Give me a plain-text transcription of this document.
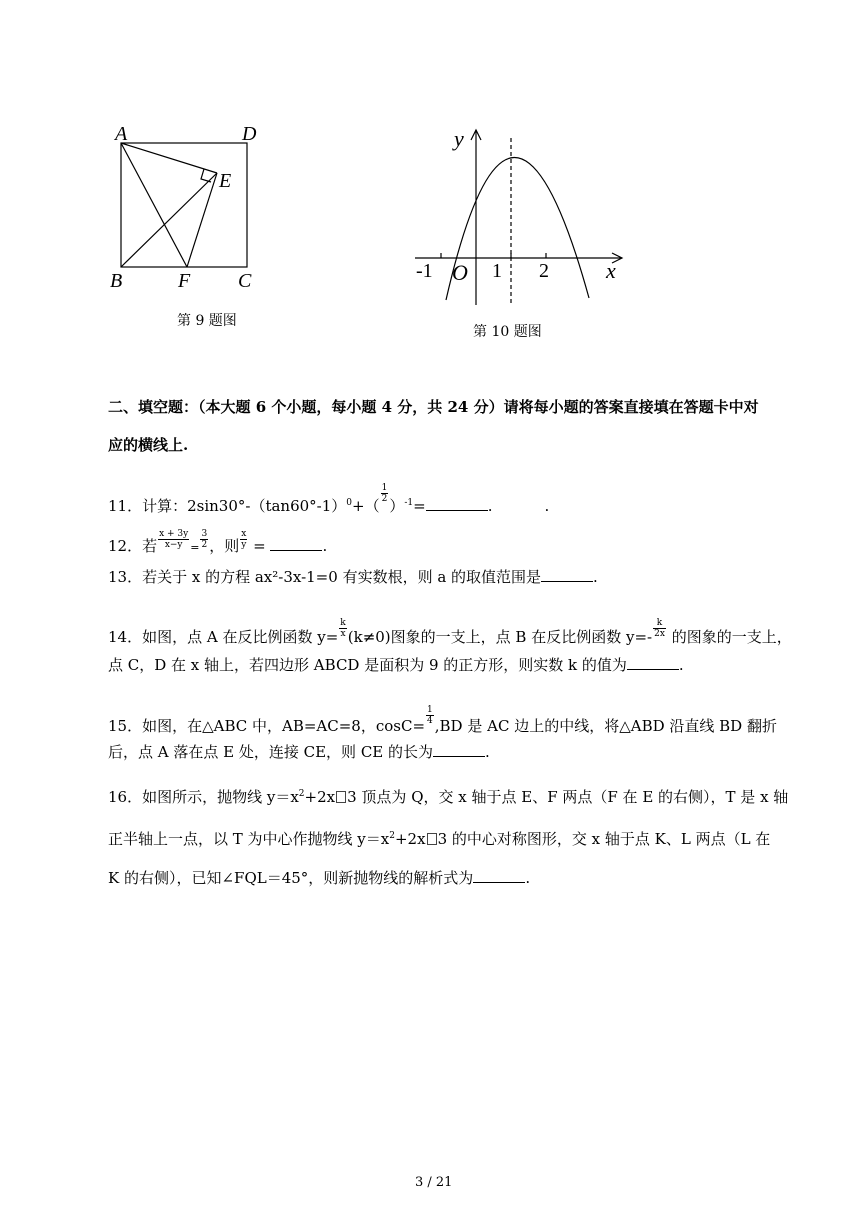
A	D
E
B	F C
第 9 题图
y
x
-1 O 1 2
第 10 题图
二、填空题：（本大题 6 个小题，每小题 4 分，共 24 分）请将每小题的答案直接填在答题卡中对
应的横线上.
11．计算：$2\sin 30^\circ-(\tan 60^\circ-1)^0+$（
$\frac{1}{2}$
）$^{-1}$=	.	.
12．若 $\frac{x + 3y}{x-y} = \frac{3}{2}$ ，则 $\frac{x}{y}$ =	.
13．若关于 x 的方程 ax²-3x-1=0 有实数根，则 a 的取值范围是	.
14．如图，点 A 在反比例函数 $y= \frac{k}{x} (k\ne 0)$图象的一支上，点 B 在反比例函数 $y=- \frac{k}{2x}$ 的图象的一支上，
点 C，D 在 x 轴上，若四边形 ABCD 是面积为 9 的正方形，则实数 k 的值为	.
15．如图，在△ABC 中，AB=AC=8，$\cos C= \frac{1}{4} ,BD$ 是 AC 边上的中线，将△ABD 沿直线 BD 翻折
后，点 A 落在点 E 处，连接 CE，则 CE 的长为	.
16．如图所示，抛物线 $y=x^2+2x$ 3 顶点为 Q，交 x 轴于点 E、F 两点（F 在 E 的右侧），T 是 x 轴
正半轴上一点，以 T 为中心作抛物线 $y=x^2+2x$ 3 的中心对称图形，交 x 轴于点 K、L 两点（L 在
K 的右侧），已知∠FQL＝45°，则新抛物线的解析式为	.
3 / 21
